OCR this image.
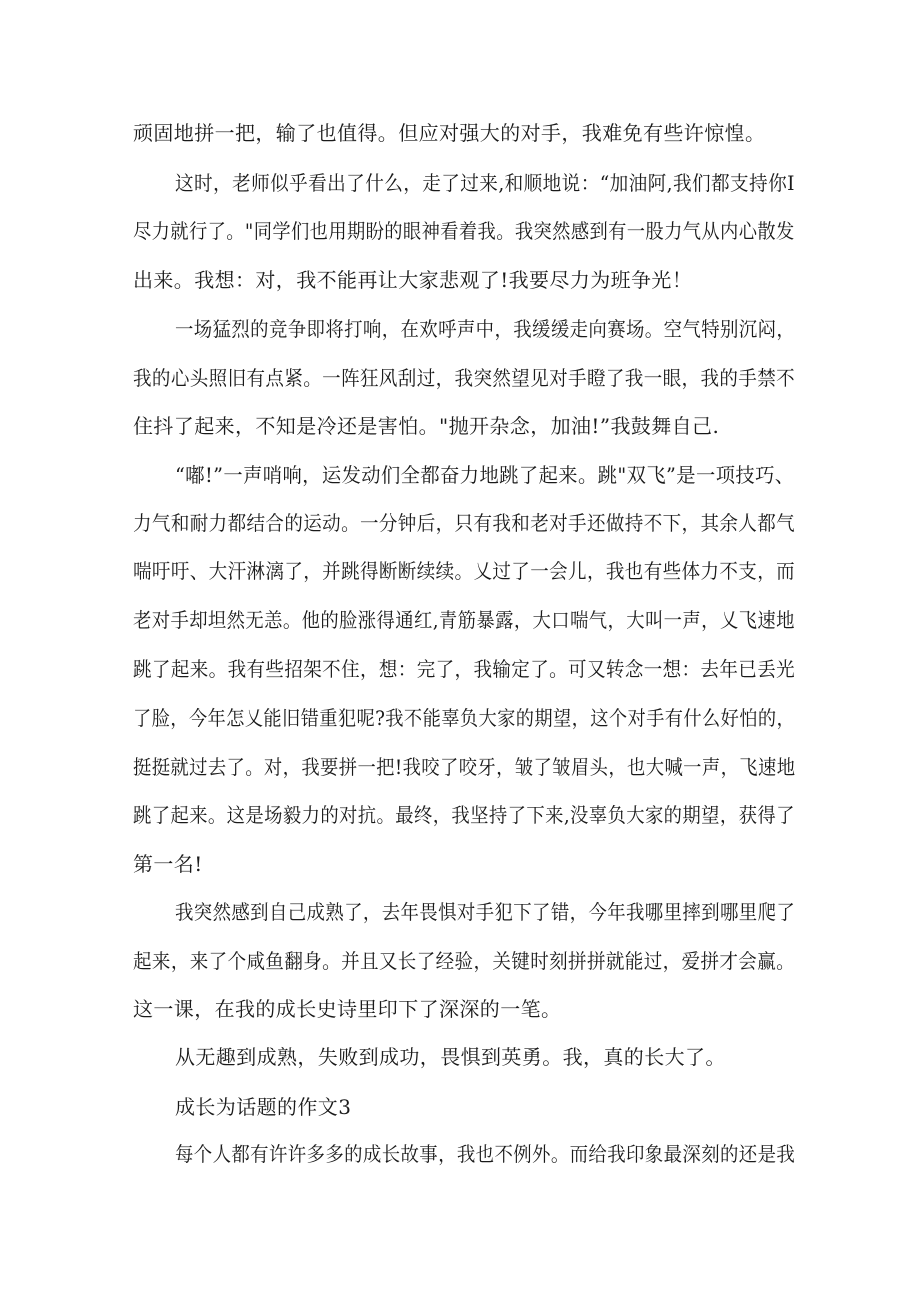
顽固地拼一把，输了也值得。但应对强大的对手，我难免有些许惊惶。
这时，老师似乎看出了什么，走了过来,和顺地说：“加油阿,我们都支持你I
尽力就行了。"同学们也用期盼的眼神看着我。我突然感到有一股力气从内心散发
出来。我想：对，我不能再让大家悲观了!我要尽力为班争光！
一场猛烈的竞争即将打响，在欢呼声中，我缓缓走向赛场。空气特别沉闷，
我的心头照旧有点紧。一阵狂风刮过，我突然望见对手瞪了我一眼，我的手禁不
住抖了起来，不知是冷还是害怕。"抛开杂念，加油!”我鼓舞自己.
“嘟!”一声哨响，运发动们全都奋力地跳了起来。跳"双飞”是一项技巧、
力气和耐力都结合的运动。一分钟后，只有我和老对手还做持不下，其余人都气
喘吁吁、大汗淋漓了，并跳得断断续续。乂过了一会儿，我也有些体力不支，而
老对手却坦然无恙。他的脸涨得通红,青筋暴露，大口喘气，大叫一声，乂飞速地
跳了起来。我有些招架不住，想：完了，我输定了。可又转念一想：去年已丢光
了脸，今年怎乂能旧错重犯呢?我不能辜负大家的期望，这个对手有什么好怕的，
挺挺就过去了。对，我要拼一把!我咬了咬牙，皱了皱眉头，也大喊一声，飞速地
跳了起来。这是场毅力的对抗。最终，我坚持了下来,没辜负大家的期望，获得了
第一名!
我突然感到自己成熟了，去年畏惧对手犯下了错，今年我哪里摔到哪里爬了
起来，来了个咸鱼翻身。并且又长了经验，关键时刻拼拼就能过，爱拼才会赢。
这一课，在我的成长史诗里印下了深深的一笔。
从无趣到成熟，失败到成功，畏惧到英勇。我，真的长大了。
成长为话题的作文3
每个人都有许许多多的成长故事，我也不例外。而给我印象最深刻的还是我
